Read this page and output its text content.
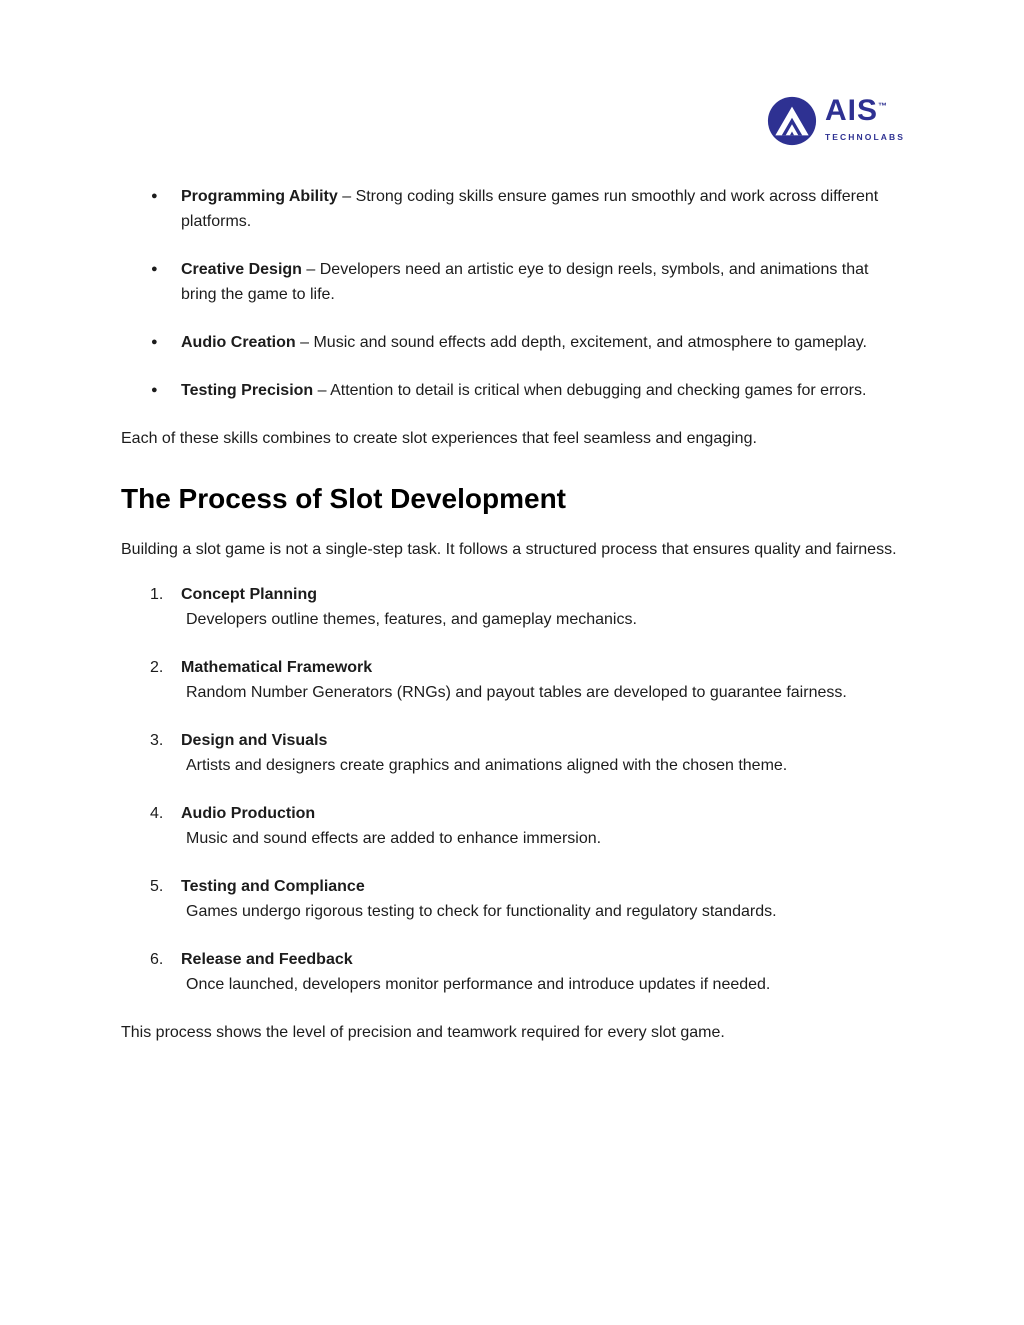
AIS™
TECHNOLABS
● Programming Ability – Strong coding skills ensure games run smoothly and work across different platforms.
● Creative Design – Developers need an artistic eye to design reels, symbols, and animations that bring the game to life.
● Audio Creation – Music and sound effects add depth, excitement, and atmosphere to gameplay.
● Testing Precision – Attention to detail is critical when debugging and checking games for errors.

Each of these skills combines to create slot experiences that feel seamless and engaging.

The Process of Slot Development

Building a slot game is not a single-step task. It follows a structured process that ensures quality and fairness.

1. Concept Planning
Developers outline themes, features, and gameplay mechanics.
2. Mathematical Framework
Random Number Generators (RNGs) and payout tables are developed to guarantee fairness.
3. Design and Visuals
Artists and designers create graphics and animations aligned with the chosen theme.
4. Audio Production
Music and sound effects are added to enhance immersion.
5. Testing and Compliance
Games undergo rigorous testing to check for functionality and regulatory standards.
6. Release and Feedback
Once launched, developers monitor performance and introduce updates if needed.

This process shows the level of precision and teamwork required for every slot game.
